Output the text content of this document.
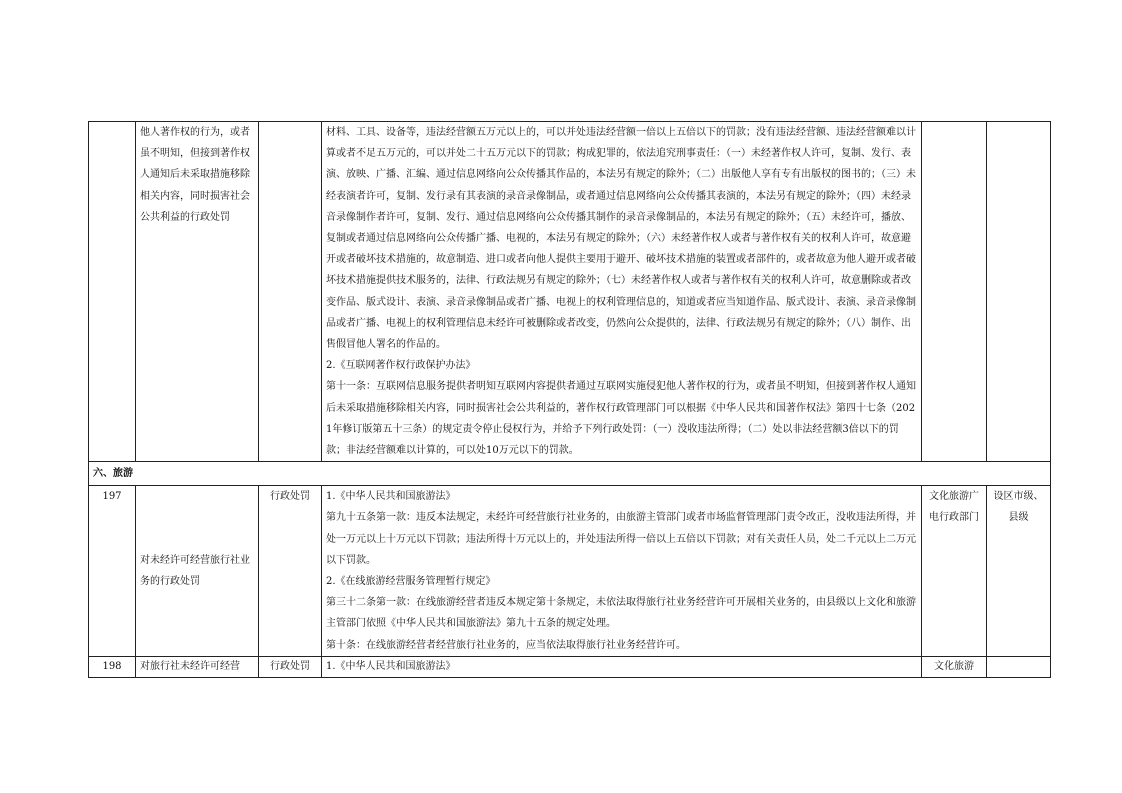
	他人著作权的行为，或者虽不明知，但接到著作权人通知后未采取措施移除相关内容，同时损害社会公共利益的行政处罚		材料、工具、设备等，违法经营额五万元以上的，可以并处违法经营额一倍以上五倍以下的罚款；没有违法经营额、违法经营额难以计算或者不足五万元的，可以并处二十五万元以下的罚款；构成犯罪的，依法追究刑事责任：（一）未经著作权人许可，复制、发行、表演、放映、广播、汇编、通过信息网络向公众传播其作品的，本法另有规定的除外；（二）出版他人享有专有出版权的图书的；（三）未经表演者许可，复制、发行录有其表演的录音录像制品，或者通过信息网络向公众传播其表演的，本法另有规定的除外；（四）未经录音录像制作者许可，复制、发行、通过信息网络向公众传播其制作的录音录像制品的，本法另有规定的除外；（五）未经许可，播放、复制或者通过信息网络向公众传播广播、电视的，本法另有规定的除外；（六）未经著作权人或者与著作权有关的权利人许可，故意避开或者破坏技术措施的，故意制造、进口或者向他人提供主要用于避开、破坏技术措施的装置或者部件的，或者故意为他人避开或者破坏技术措施提供技术服务的，法律、行政法规另有规定的除外；（七）未经著作权人或者与著作权有关的权利人许可，故意删除或者改变作品、版式设计、表演、录音录像制品或者广播、电视上的权利管理信息的，知道或者应当知道作品、版式设计、表演、录音录像制品或者广播、电视上的权利管理信息未经许可被删除或者改变，仍然向公众提供的，法律、行政法规另有规定的除外；（八）制作、出售假冒他人署名的作品的。

2.《互联网著作权行政保护办法》

第十一条：互联网信息服务提供者明知互联网内容提供者通过互联网实施侵犯他人著作权的行为，或者虽不明知，但接到著作权人通知后未采取措施移除相关内容，同时损害社会公共利益的，著作权行政管理部门可以根据《中华人民共和国著作权法》第四十七条（2021年修订版第五十三条）的规定责令停止侵权行为，并给予下列行政处罚：（一）没收违法所得；（二）处以非法经营额3倍以下的罚款；非法经营额难以计算的，可以处10万元以下的罚款。		

六、旅游					
197	对未经许可经营旅行社业务的行政处罚	行政处罚	1.《中华人民共和国旅游法》

第九十五条第一款：违反本法规定，未经许可经营旅行社业务的，由旅游主管部门或者市场监督管理部门责令改正，没收违法所得，并处一万元以上十万元以下罚款；违法所得十万元以上的，并处违法所得一倍以上五倍以下罚款；对有关责任人员，处二千元以上二万元以下罚款。

2.《在线旅游经营服务管理暂行规定》

第三十二条第一款：在线旅游经营者违反本规定第十条规定，未依法取得旅行社业务经营许可开展相关业务的，由县级以上文化和旅游主管部门依照《中华人民共和国旅游法》第九十五条的规定处理。

第十条：在线旅游经营者经营旅行社业务的，应当依法取得旅行社业务经营许可。	文化旅游广电行政部门	设区市级、县级
198	对旅行社未经许可经营	行政处罚	1.《中华人民共和国旅游法》	文化旅游	
